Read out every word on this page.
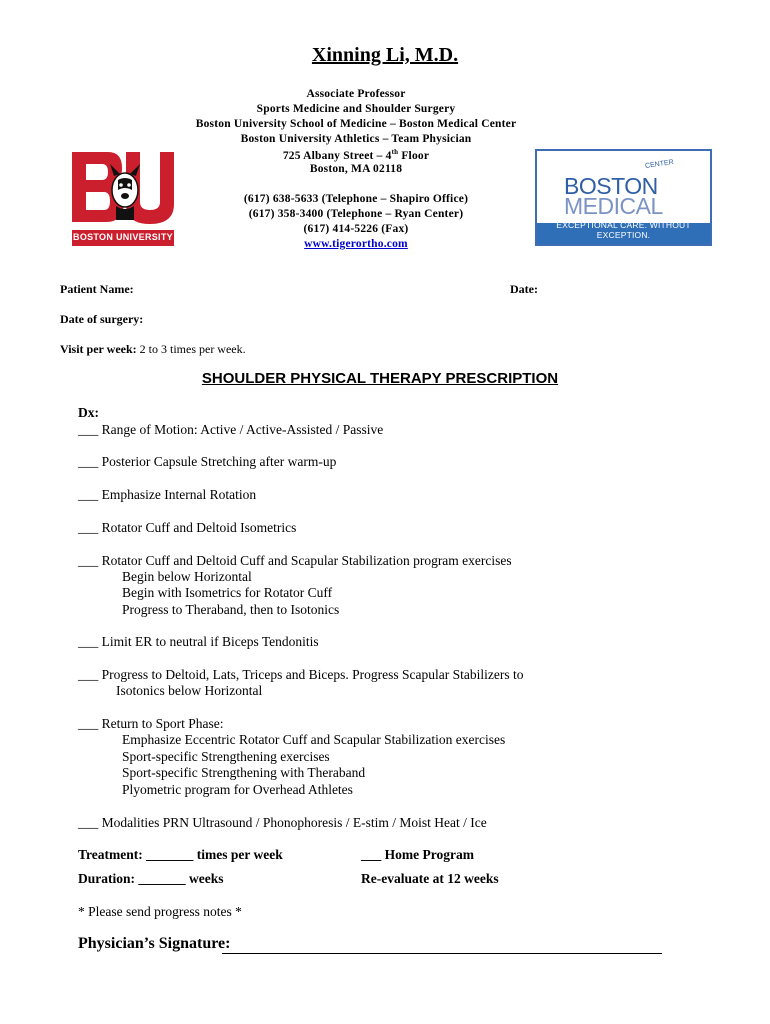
Xinning Li, M.D.
Associate Professor
Sports Medicine and Shoulder Surgery
Boston University School of Medicine – Boston Medical Center
Boston University Athletics – Team Physician
725 Albany Street – 4th Floor
Boston, MA 02118
(617) 638-5633 (Telephone – Shapiro Office)
(617) 358-3400 (Telephone – Ryan Center)
(617) 414-5226 (Fax)
www.tigerortho.com
BOSTON UNIVERSITY
CENTER
BOSTON
MEDICAL
EXCEPTIONAL CARE. WITHOUT EXCEPTION.
Patient Name:	Date:
Date of surgery:
Visit per week: 2 to 3 times per week.
SHOULDER PHYSICAL THERAPY PRESCRIPTION
Dx:
___ Range of Motion: Active / Active-Assisted / Passive
___ Posterior Capsule Stretching after warm-up
___ Emphasize Internal Rotation
___ Rotator Cuff and Deltoid Isometrics
___ Rotator Cuff and Deltoid Cuff and Scapular Stabilization program exercises
Begin below Horizontal
Begin with Isometrics for Rotator Cuff
Progress to Theraband, then to Isotonics
___ Limit ER to neutral if Biceps Tendonitis
___ Progress to Deltoid, Lats, Triceps and Biceps. Progress Scapular Stabilizers to
Isotonics below Horizontal
___ Return to Sport Phase:
Emphasize Eccentric Rotator Cuff and Scapular Stabilization exercises
Sport-specific Strengthening exercises
Sport-specific Strengthening with Theraband
Plyometric program for Overhead Athletes
___ Modalities PRN Ultrasound / Phonophoresis / E-stim / Moist Heat / Ice
Treatment: _______ times per week	___ Home Program
Duration: _______ weeks	Re-evaluate at 12 weeks
* Please send progress notes *
Physician’s Signature:
